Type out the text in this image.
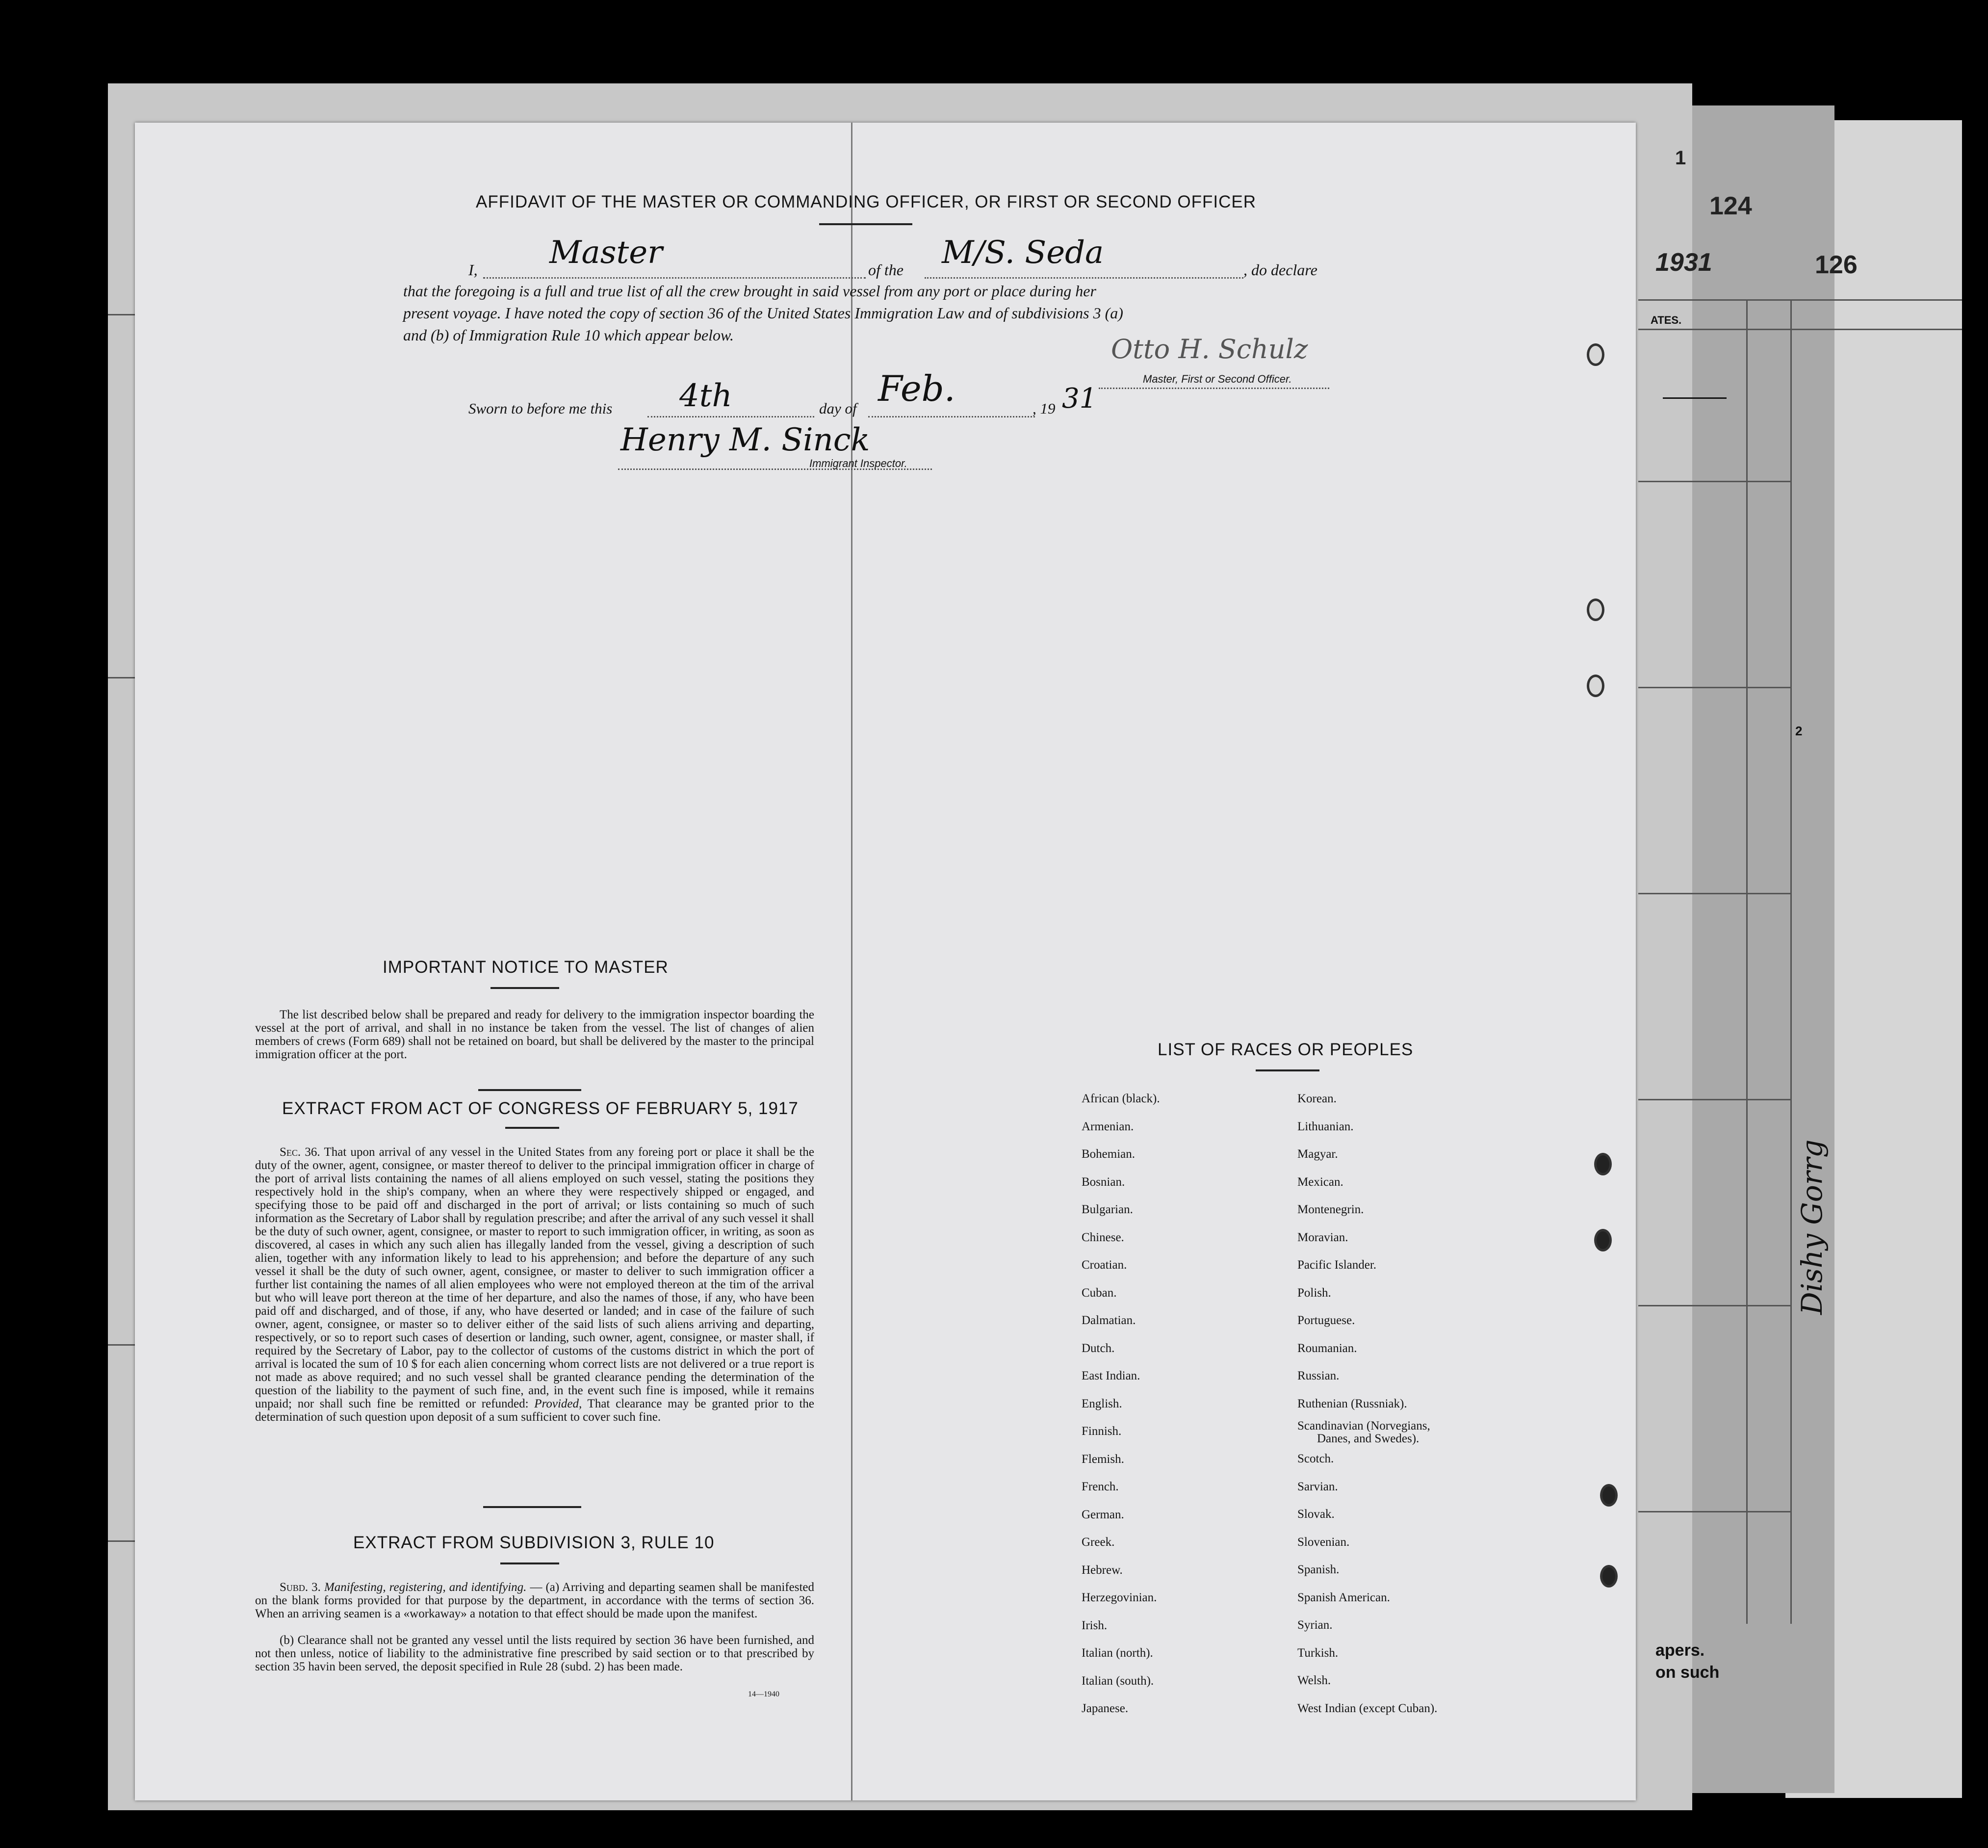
1
124
126
1931
ATES.
2
apers.
on such
Dishy Gorrg
AFFIDAVIT OF THE MASTER OR COMMANDING OFFICER, OR FIRST OR SECOND OFFICER
I, Master	of the M/S. Seda	, do declare
that the foregoing is a full and true list of all the crew brought in said vessel from any port or place during her
present voyage. I have noted the copy of section 36 of the United States Immigration Law and of subdivisions 3 (a)
and (b) of Immigration Rule 10 which appear below.	Otto H. Schulz
Master, First or Second Officer.
Sworn to before me this 4th	day of Feb.	, 19 31
Henry M. Sinck
Immigrant Inspector.
IMPORTANT NOTICE TO MASTER
The list described below shall be prepared and ready for delivery to the immigration inspector boarding the vessel at the port of arrival, and shall in no instance be taken from the vessel. The list of changes of alien members of crews (Form 689) shall not be retained on board, but shall be delivered by the master to the principal immigration officer at the port.
EXTRACT FROM ACT OF CONGRESS OF FEBRUARY 5, 1917
Sec. 36. That upon arrival of any vessel in the United States from any foreing port or place it shall be the duty of the owner, agent, consignee, or master thereof to deliver to the principal immigration officer in charge of the port of arrival lists containing the names of all aliens employed on such vessel, stating the positions they respectively hold in the ship's company, when an where they were respectively shipped or engaged, and specifying those to be paid off and discharged in the port of arrival; or lists containing so much of such information as the Secretary of Labor shall by regulation prescribe; and after the arrival of any such vessel it shall be the duty of such owner, agent, consignee, or master to report to such immigration officer, in writing, as soon as discovered, al cases in which any such alien has illegally landed from the vessel, giving a description of such alien, together with any information likely to lead to his apprehension; and before the departure of any such vessel it shall be the duty of such owner, agent, consignee, or master to deliver to such immigration officer a further list containing the names of all alien employees who were not employed thereon at the tim of the arrival but who will leave port thereon at the time of her departure, and also the names of those, if any, who have been paid off and discharged, and of those, if any, who have deserted or landed; and in case of the failure of such owner, agent, consignee, or master so to deliver either of the said lists of such aliens arriving and departing, respectively, or so to report such cases of desertion or landing, such owner, agent, consignee, or master shall, if required by the Secretary of Labor, pay to the collector of customs of the customs district in which the port of arrival is located the sum of 10 $ for each alien concerning whom correct lists are not delivered or a true report is not made as above required; and no such vessel shall be granted clearance pending the determination of the question of the liability to the payment of such fine, and, in the event such fine is imposed, while it remains unpaid; nor shall such fine be remitted or refunded: Provided, That clearance may be granted prior to the determination of such question upon deposit of a sum sufficient to cover such fine.
EXTRACT FROM SUBDIVISION 3, RULE 10
Subd. 3. Manifesting, registering, and identifying. — (a) Arriving and departing seamen shall be manifested on the blank forms provided for that purpose by the department, in accordance with the terms of section 36. When an arriving seamen is a «workaway» a notation to that effect should be made upon the manifest.
(b) Clearance shall not be granted any vessel until the lists required by section 36 have been furnished, and not then unless, notice of liability to the administrative fine prescribed by said section or to that prescribed by section 35 havin been served, the deposit specified in Rule 28 (subd. 2) has been made.
14—1940
LIST OF RACES OR PEOPLES
African (black).
Armenian.
Bohemian.
Bosnian.
Bulgarian.
Chinese.
Croatian.
Cuban.
Dalmatian.
Dutch.
East Indian.
English.
Finnish.
Flemish.
French.
German.
Greek.
Hebrew.
Herzegovinian.
Irish.
Italian (north).
Italian (south).
Japanese.
Korean.
Lithuanian.
Magyar.
Mexican.
Montenegrin.
Moravian.
Pacific Islander.
Polish.
Portuguese.
Roumanian.
Russian.
Ruthenian (Russniak).
Scandinavian (Norvegians,
Danes, and Swedes).
Scotch.
Sarvian.
Slovak.
Slovenian.
Spanish.
Spanish American.
Syrian.
Turkish.
Welsh.
West Indian (except Cuban).
